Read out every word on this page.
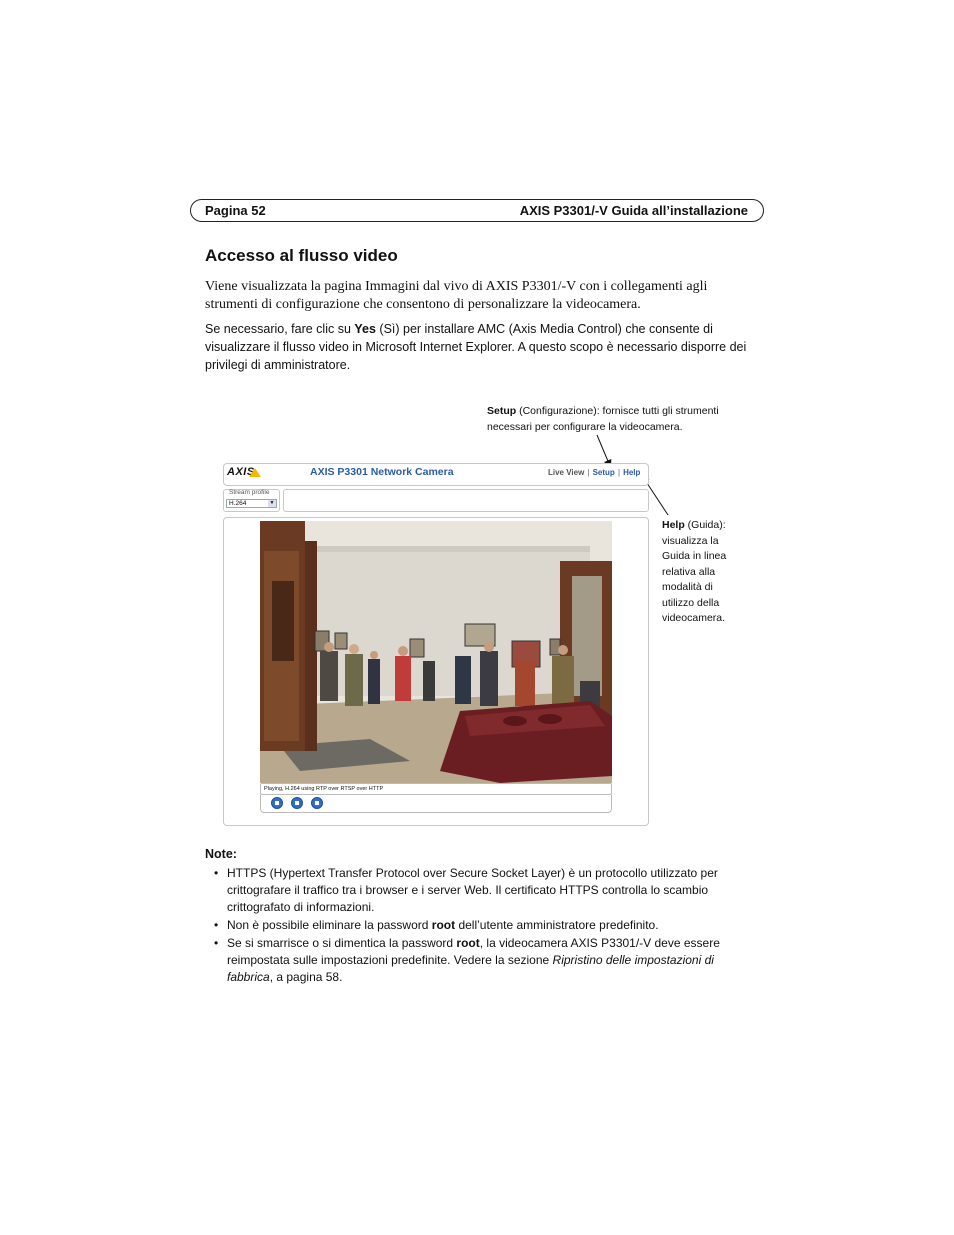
Pagina 52	AXIS P3301/-V Guida all’installazione
Accesso al flusso video

Viene visualizzata la pagina Immagini dal vivo di AXIS P3301/-V con i collegamenti agli strumenti di configurazione che consentono di personalizzare la videocamera.

Se necessario, fare clic su Yes (Sì) per installare AMC (Axis Media Control) che consente di visualizzare il flusso video in Microsoft Internet Explorer. A questo scopo è necessario disporre dei privilegi di amministratore.

Setup (Configurazione): fornisce tutti gli strumenti necessari per configurare la videocamera.

Help (Guida): visualizza la Guida in linea relativa alla modalità di utilizzo della videocamera.

AXIS	AXIS P3301 Network Camera	Live View | Setup | Help
Stream profile
H.264	▼
Playing, H.264 using RTP over RTSP over HTTP

Note:

• HTTPS (Hypertext Transfer Protocol over Secure Socket Layer) è un protocollo utilizzato per crittografare il traffico tra i browser e i server Web. Il certificato HTTPS controlla lo scambio crittografato di informazioni.
• Non è possibile eliminare la password root dell’utente amministratore predefinito.
• Se si smarrisce o si dimentica la password root, la videocamera AXIS P3301/-V deve essere reimpostata sulle impostazioni predefinite. Vedere la sezione Ripristino delle impostazioni di fabbrica, a pagina 58.
